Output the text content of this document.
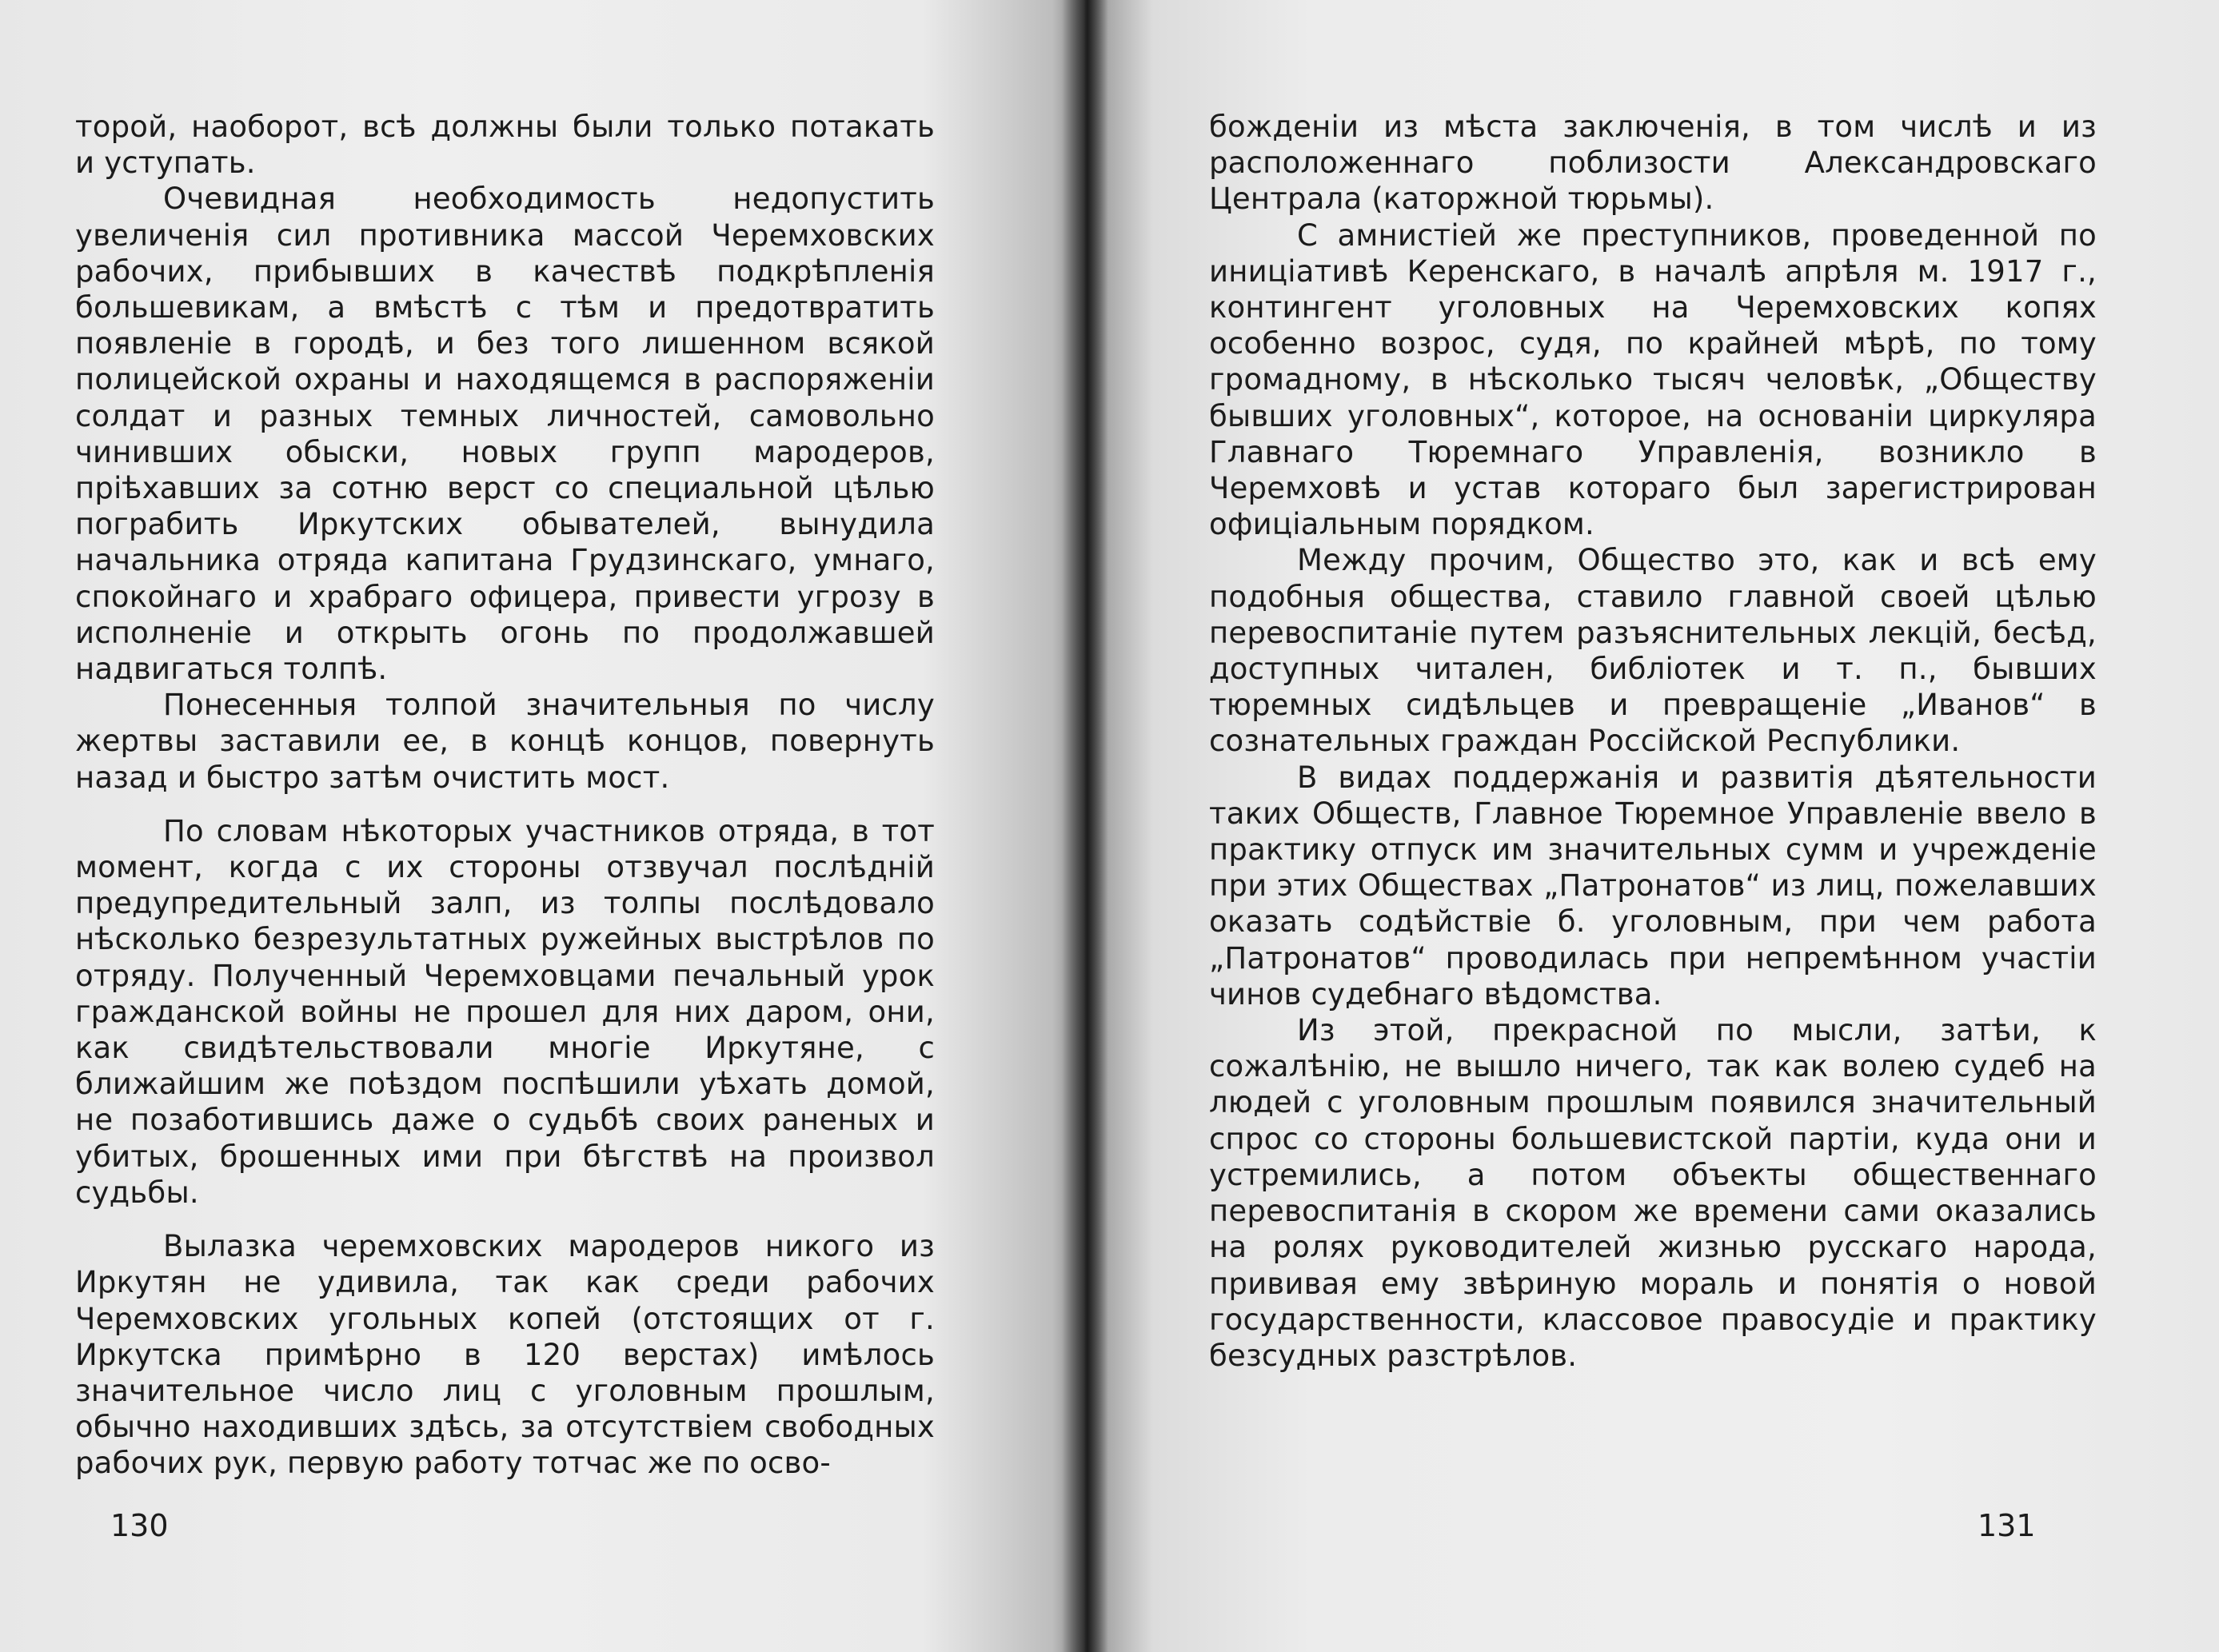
торой, наоборот, всѣ должны были только потакать и уступать.

Очевидная необходимость недопустить увеличенія сил противника массой Черемховских рабочих, прибывших в качествѣ подкрѣпленія большевикам, а вмѣстѣ с тѣм и предотвратить появленіе в городѣ, и без того лишенном всякой полицейской охраны и находящемся в распоряженіи солдат и разных темных личностей, самовольно чинивших обыски, новых групп мародеров, пріѣхавших за сотню верст со специальной цѣлью пограбить Иркутских обывателей, вынудила начальника отряда капитана Грудзинскаго, умнаго, спокойнаго и храбраго офицера, привести угрозу в исполненіе и открыть огонь по продолжавшей надвигаться толпѣ.

Понесенныя толпой значительныя по числу жертвы заставили ее, в концѣ концов, повернуть назад и быстро затѣм очистить мост.

По словам нѣкоторых участников отряда, в тот момент, когда с их стороны отзвучал послѣдній предупредительный залп, из толпы послѣдовало нѣсколько безрезультатных ружейных выстрѣлов по отряду. Полученный Черемховцами печальный урок гражданской войны не прошел для них даром, они, как свидѣтельствовали многіе Иркутяне, с ближайшим же поѣздом поспѣшили уѣхать домой, не позаботившись даже о судьбѣ своих раненых и убитых, брошенных ими при бѣгствѣ на произвол судьбы.

Вылазка черемховских мародеров никого из Иркутян не удивила, так как среди рабочих Черемховских угольных копей (отстоящих от г. Иркутска примѣрно в 120 верстах) имѣлось значительное число лиц с уголовным прошлым, обычно находивших здѣсь, за отсутствіем свободных рабочих рук, первую работу тотчас же по осво-

130

божденіи из мѣста заключенія, в том числѣ и из расположеннаго поблизости Александровскаго Централа (каторжной тюрьмы).

С амнистіей же преступников, проведенной по иниціативѣ Керенскаго, в началѣ апрѣля м. 1917 г., контингент уголовных на Черемховских копях особенно возрос, судя, по крайней мѣрѣ, по тому громадному, в нѣсколько тысяч человѣк, „Обществу бывших уголовных“, которое, на основаніи циркуляра Главнаго Тюремнаго Управленія, возникло в Черемховѣ и устав котораго был зарегистрирован офиціальным порядком.

Между прочим, Общество это, как и всѣ ему подобныя общества, ставило главной своей цѣлью перевоспитаніе путем разъяснительных лекцій, бесѣд, доступных читален, библіотек и т. п., бывших тюремных сидѣльцев и превращеніе „Иванов“ в сознательных граждан Россійской Республики.

В видах поддержанія и развитія дѣятельности таких Обществ, Главное Тюремное Управленіе ввело в практику отпуск им значительных сумм и учрежденіе при этих Обществах „Патронатов“ из лиц, пожелавших оказать содѣйствіе б. уголовным, при чем работа „Патронатов“ проводилась при непремѣнном участіи чинов судебнаго вѣдомства.

Из этой, прекрасной по мысли, затѣи, к сожалѣнію, не вышло ничего, так как волею судеб на людей с уголовным прошлым появился значительный спрос со стороны большевистской партіи, куда они и устремились, а потом объекты общественнаго перевоспитанія в скором же времени сами оказались на ролях руководителей жизнью русскаго народа, прививая ему звѣриную мораль и понятія о новой государственности, классовое правосудіе и практику безсудных разстрѣлов.

131
